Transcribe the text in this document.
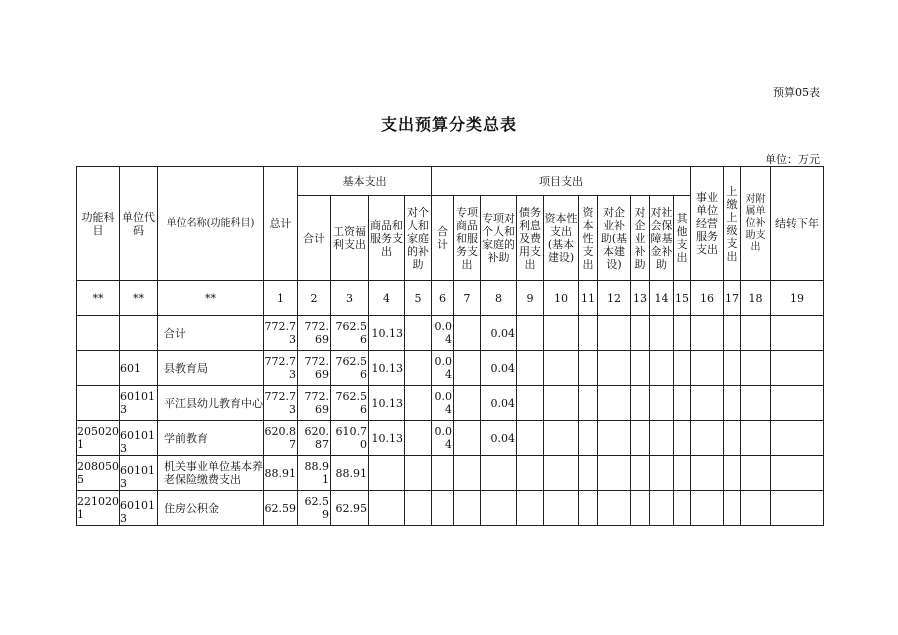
预算05表
支出预算分类总表
单位：万元
功能科目	单位代码	单位名称(功能科目)	总计	基本支出				项目支出										事业单位经营服务支出	上缴上级支出	对附属单位补助支出	结转下年
				合计	工资福利支出	商品和服务支出	对个人和家庭的补助	合计	专项商品和服务支出	专项对个人和家庭的补助	债务利息及费用支出	资本性支出(基本建设)	资本性支出	对企业补助(基本建设)	对企业补助	对社会保障基金补助	其他支出				
**	**	**	1	2	3	4	5	6	7	8	9	10	11	12	13	14	15	16	17	18	19
		合计	772.73	772.69	762.56	10.13		0.04		0.04											
	601	县教育局	772.73	772.69	762.56	10.13		0.04		0.04											
	601013	平江县幼儿教育中心	772.73	772.69	762.56	10.13		0.04		0.04											
2050201	601013	学前教育	620.87	620.87	610.70	10.13		0.04		0.04											
2080505	601013	机关事业单位基本养老保险缴费支出	88.91	88.91	88.91																
2210201	601013	住房公积金	62.59	62.59	62.95																
